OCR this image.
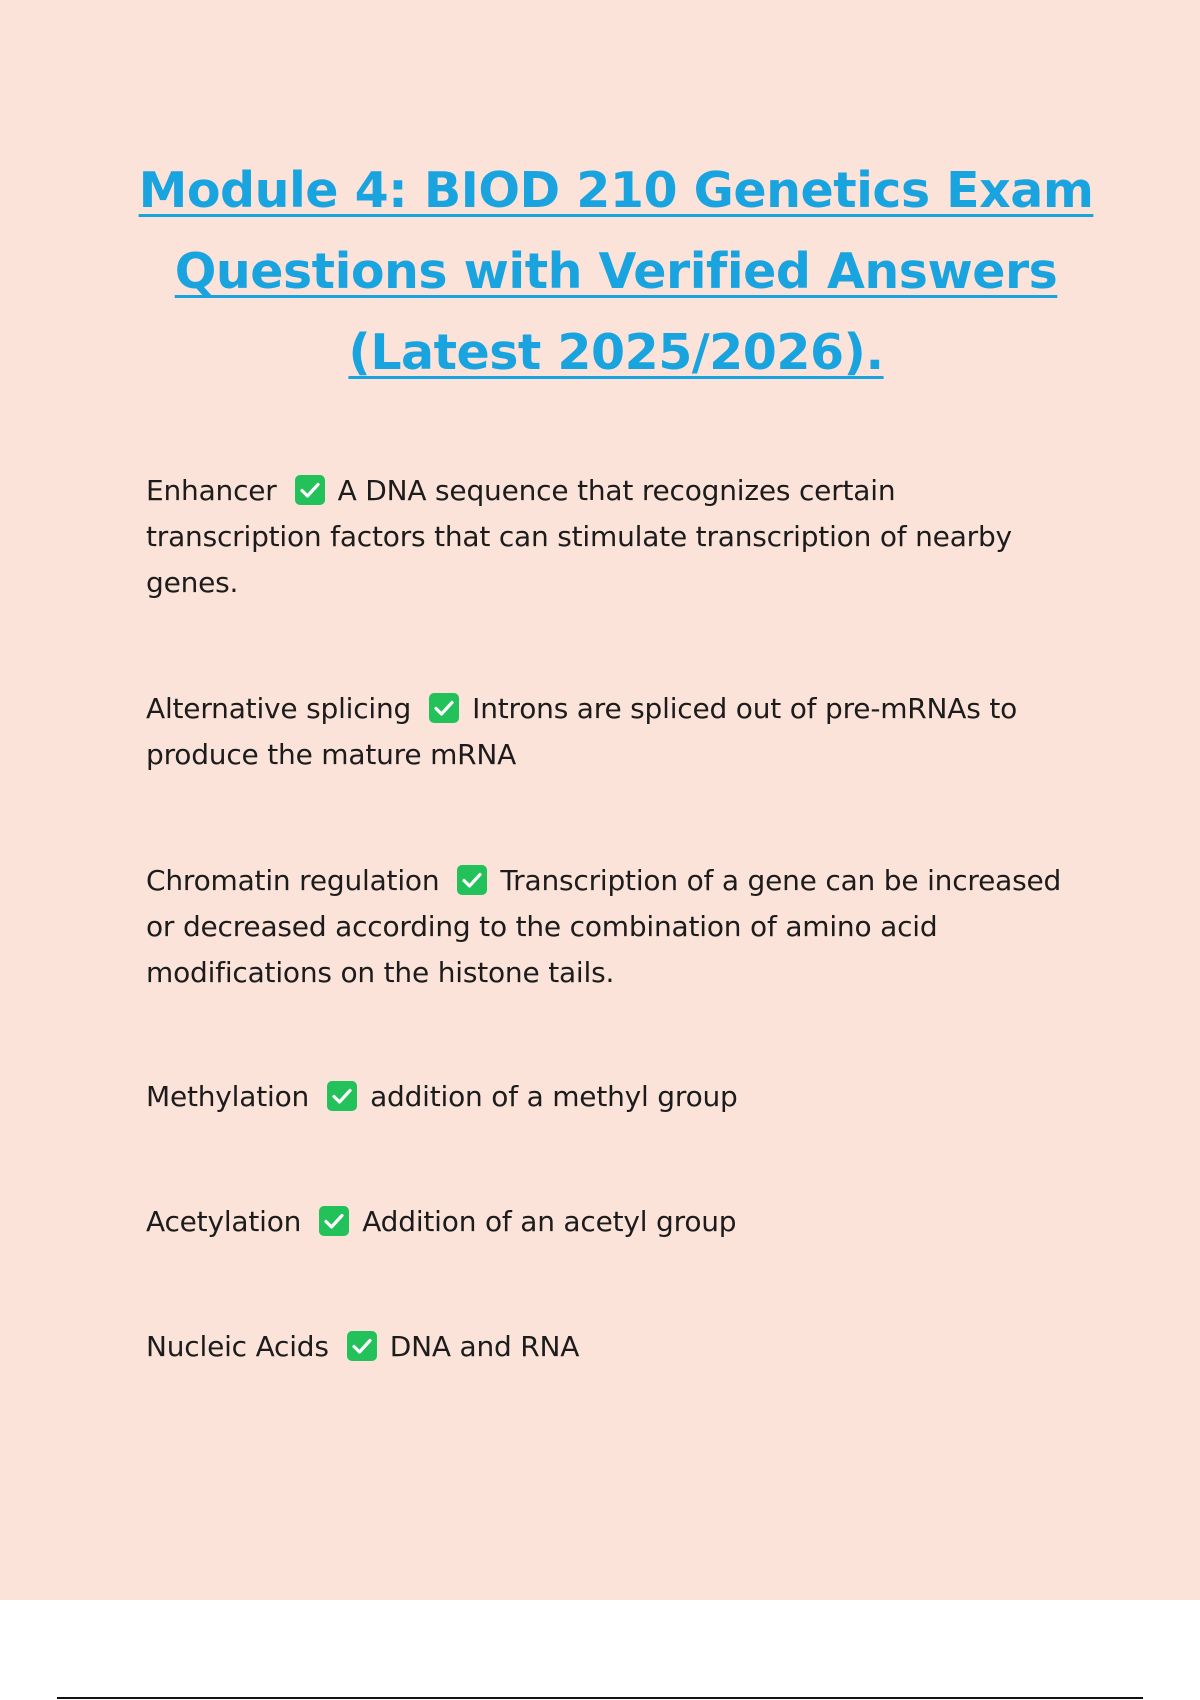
Module 4: BIOD 210 Genetics Exam Questions with Verified Answers (Latest 2025/2026).
Enhancer A DNA sequence that recognizes certain transcription factors that can stimulate transcription of nearby genes.
Alternative splicing Introns are spliced out of pre-mRNAs to produce the mature mRNA
Chromatin regulation Transcription of a gene can be increased or decreased according to the combination of amino acid modifications on the histone tails.
Methylation addition of a methyl group
Acetylation Addition of an acetyl group
Nucleic Acids DNA and RNA
